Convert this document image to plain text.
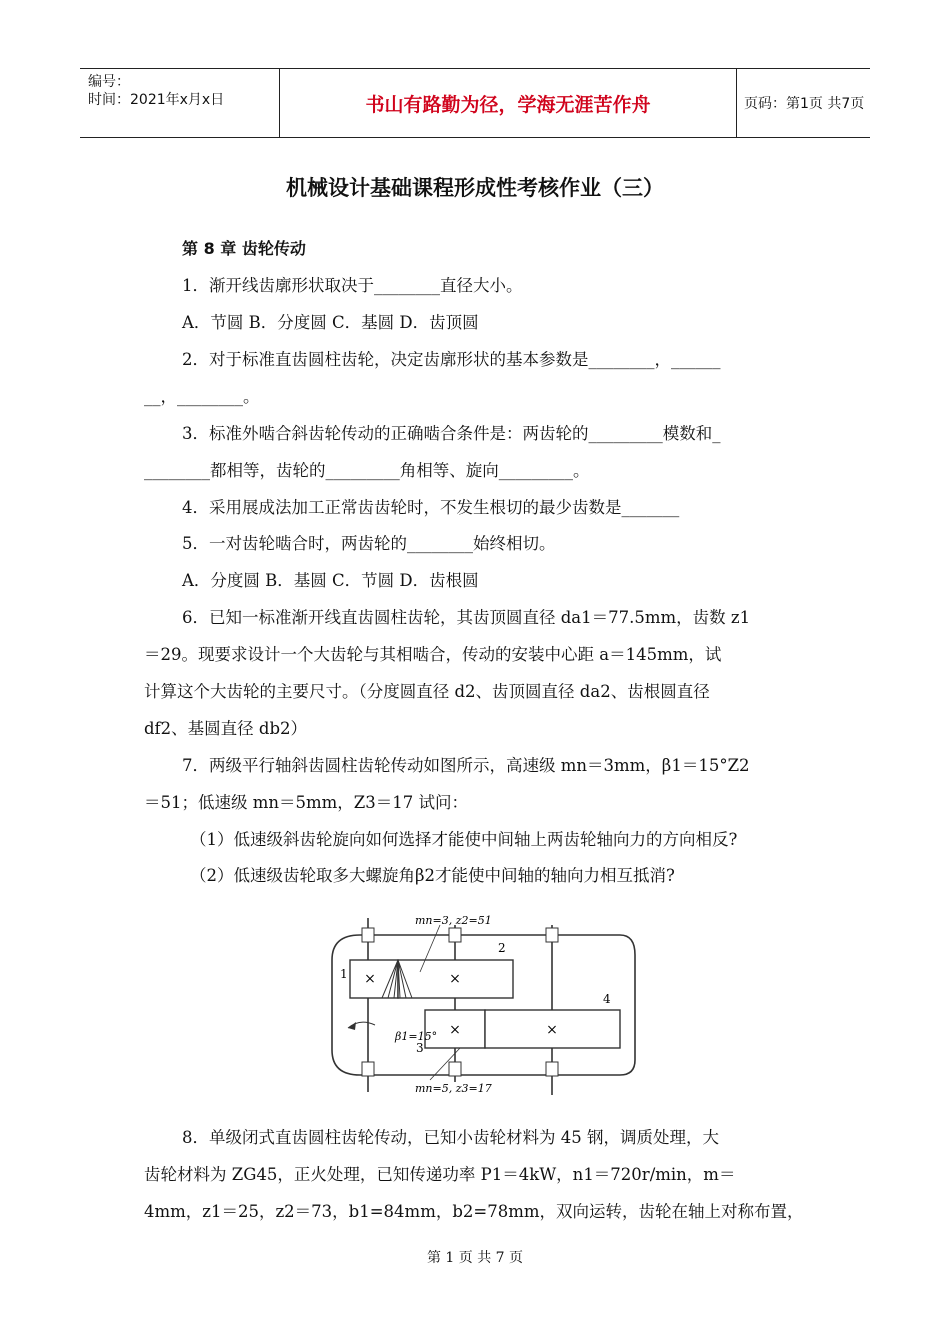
编号：
时间：2021年x月x日	书山有路勤为径，学海无涯苦作舟	页码：第1页 共7页
机械设计基础课程形成性考核作业（三）
第 8 章 齿轮传动
1．渐开线齿廓形状取决于________直径大小。
A．节圆 B．分度圆 C．基圆 D．齿顶圆
2．对于标准直齿圆柱齿轮，决定齿廓形状的基本参数是________，______
__，________。
3．标准外啮合斜齿轮传动的正确啮合条件是：两齿轮的_________模数和_
________都相等，齿轮的_________角相等、旋向_________。
4．采用展成法加工正常齿齿轮时，不发生根切的最少齿数是_______
5．一对齿轮啮合时，两齿轮的________始终相切。
A．分度圆 B．基圆 C．节圆 D．齿根圆
6．已知一标准渐开线直齿圆柱齿轮，其齿顶圆直径 da1＝77.5mm，齿数 z1
＝29。现要求设计一个大齿轮与其相啮合，传动的安装中心距 a＝145mm，试
计算这个大齿轮的主要尺寸。（分度圆直径 d2、齿顶圆直径 da2、齿根圆直径
df2、基圆直径 db2）
7．两级平行轴斜齿圆柱齿轮传动如图所示，高速级 mn＝3mm，β1＝15°Z2
＝51；低速级 mn＝5mm，Z3＝17 试问：
（1）低速级斜齿轮旋向如何选择才能使中间轴上两齿轮轴向力的方向相反?
（2）低速级齿轮取多大螺旋角β2才能使中间轴的轴向力相互抵消?
×	×
×	×
mn=3, z2=51
2
1
4
3
β1=15°
mn=5, z3=17
8．单级闭式直齿圆柱齿轮传动，已知小齿轮材料为 45 钢，调质处理，大
齿轮材料为 ZG45，正火处理，已知传递功率 P1＝4kW，n1＝720r/min，m＝
4mm，z1＝25，z2＝73，b1=84mm，b2=78mm，双向运转，齿轮在轴上对称布置，
第 1 页 共 7 页
